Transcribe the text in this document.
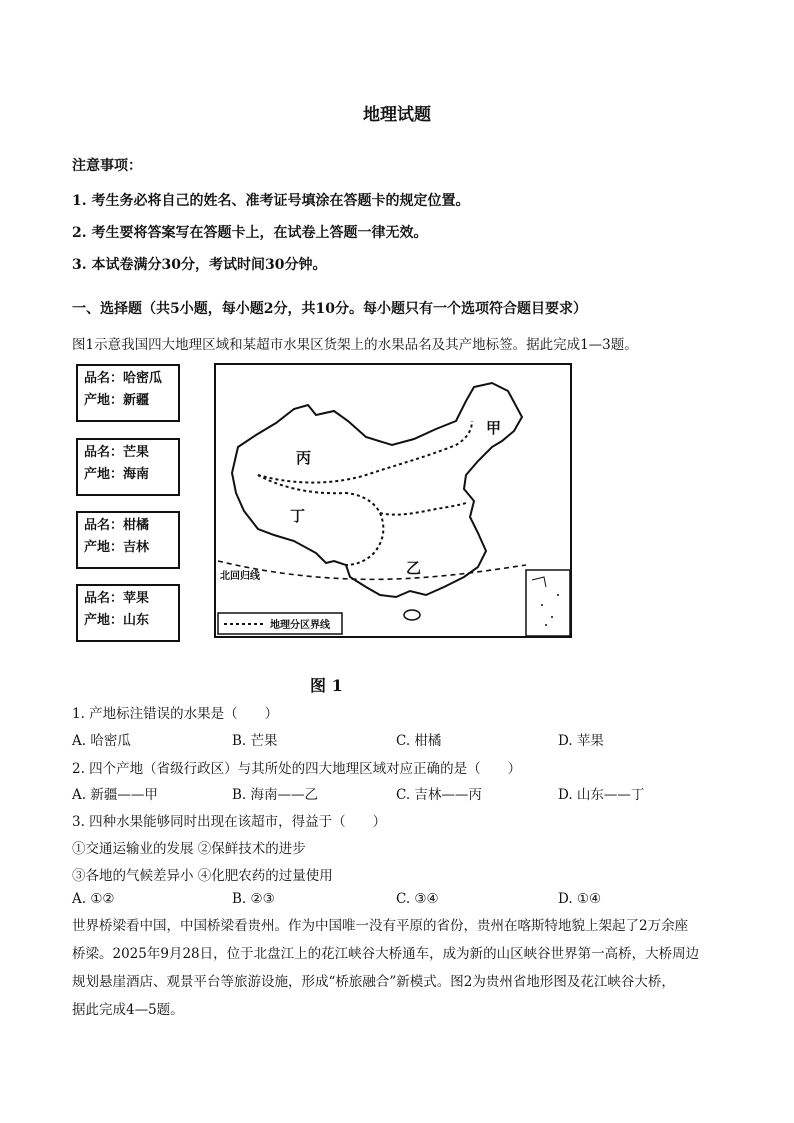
地理试题
注意事项：
1. 考生务必将自己的姓名、准考证号填涂在答题卡的规定位置。
2. 考生要将答案写在答题卡上，在试卷上答题一律无效。
3. 本试卷满分30分，考试时间30分钟。
一、选择题（共5小题，每小题2分，共10分。每小题只有一个选项符合题目要求）
图1示意我国四大地理区域和某超市水果区货架上的水果品名及其产地标签。据此完成1—3题。
品名：哈密瓜
产地：新疆
品名：芒果
产地：海南
品名：柑橘
产地：吉林
品名：苹果
产地：山东	地理分区界线
甲
乙
丙
丁
北回归线
图 1
1. 产地标注错误的水果是（　　）
A. 哈密瓜	B. 芒果	C. 柑橘	D. 苹果
2. 四个产地（省级行政区）与其所处的四大地理区域对应正确的是（　　）
A. 新疆——甲	B. 海南——乙	C. 吉林——丙	D. 山东——丁
3. 四种水果能够同时出现在该超市，得益于（　　）
①交通运输业的发展 ②保鲜技术的进步
③各地的气候差异小 ④化肥农药的过量使用
A. ①②	B. ②③	C. ③④	D. ①④
世界桥梁看中国，中国桥梁看贵州。作为中国唯一没有平原的省份，贵州在喀斯特地貌上架起了2万余座
桥梁。2025年9月28日，位于北盘江上的花江峡谷大桥通车，成为新的山区峡谷世界第一高桥，大桥周边
规划悬崖酒店、观景平台等旅游设施，形成“桥旅融合”新模式。图2为贵州省地形图及花江峡谷大桥，
据此完成4—5题。
